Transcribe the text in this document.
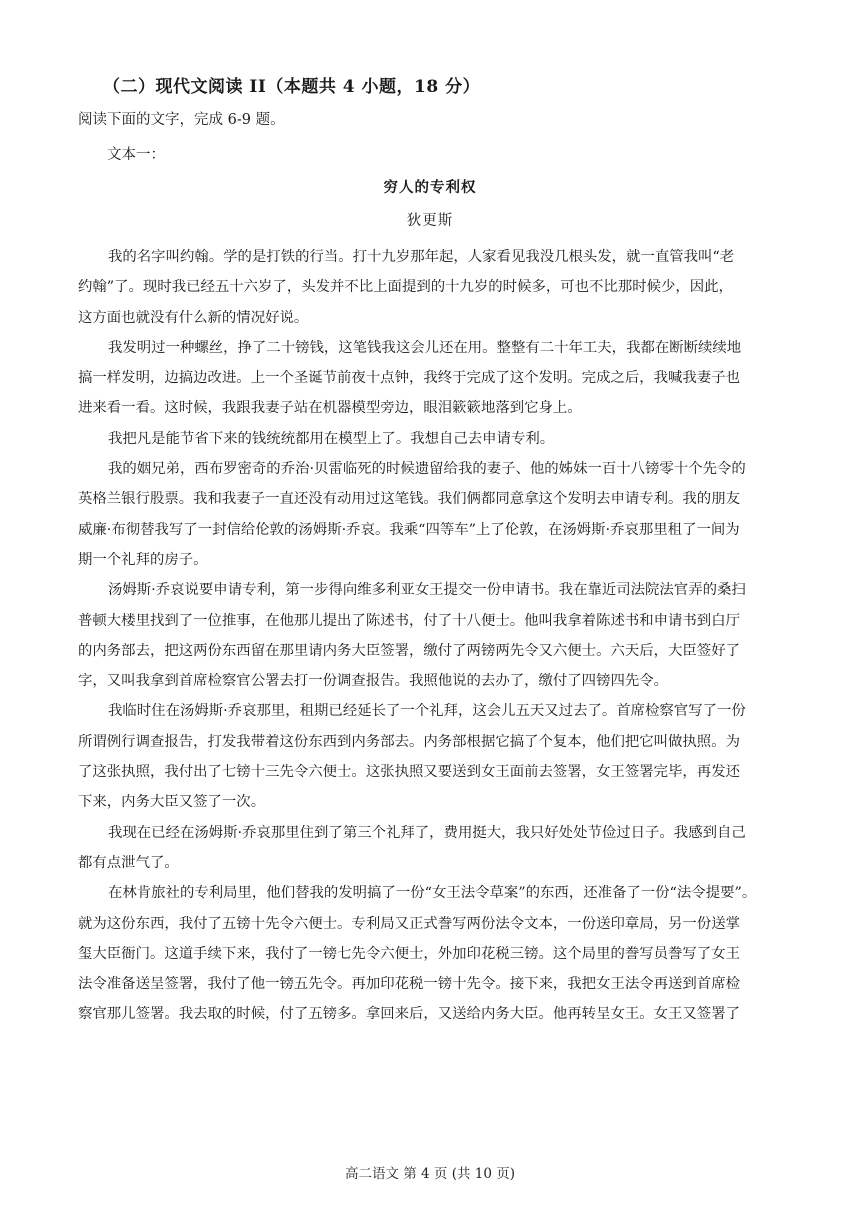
（二）现代文阅读 II（本题共 4 小题，18 分）
阅读下面的文字，完成 6-9 题。
文本一：
穷人的专利权
狄更斯
我的名字叫约翰。学的是打铁的行当。打十九岁那年起，人家看见我没几根头发，就一直管我叫“老
约翰”了。现时我已经五十六岁了，头发并不比上面提到的十九岁的时候多，可也不比那时候少，因此，
这方面也就没有什么新的情况好说。
我发明过一种螺丝，挣了二十镑钱，这笔钱我这会儿还在用。整整有二十年工夫，我都在断断续续地
搞一样发明，边搞边改进。上一个圣诞节前夜十点钟，我终于完成了这个发明。完成之后，我喊我妻子也
进来看一看。这时候，我跟我妻子站在机器模型旁边，眼泪簌簌地落到它身上。
我把凡是能节省下来的钱统统都用在模型上了。我想自己去申请专利。
我的姻兄弟，西布罗密奇的乔治·贝雷临死的时候遗留给我的妻子、他的姊妹一百十八镑零十个先令的
英格兰银行股票。我和我妻子一直还没有动用过这笔钱。我们俩都同意拿这个发明去申请专利。我的朋友
威廉·布彻替我写了一封信给伦敦的汤姆斯·乔哀。我乘“四等车”上了伦敦，在汤姆斯·乔哀那里租了一间为
期一个礼拜的房子。
汤姆斯·乔哀说要申请专利，第一步得向维多利亚女王提交一份申请书。我在靠近司法院法官弄的桑扫
普顿大楼里找到了一位推事，在他那儿提出了陈述书，付了十八便士。他叫我拿着陈述书和申请书到白厅
的内务部去，把这两份东西留在那里请内务大臣签署，缴付了两镑两先令又六便士。六天后，大臣签好了
字，又叫我拿到首席检察官公署去打一份调查报告。我照他说的去办了，缴付了四镑四先令。
我临时住在汤姆斯·乔哀那里，租期已经延长了一个礼拜，这会儿五天又过去了。首席检察官写了一份
所谓例行调查报告，打发我带着这份东西到内务部去。内务部根据它搞了个复本，他们把它叫做执照。为
了这张执照，我付出了七镑十三先令六便士。这张执照又要送到女王面前去签署，女王签署完毕，再发还
下来，内务大臣又签了一次。
我现在已经在汤姆斯·乔哀那里住到了第三个礼拜了，费用挺大，我只好处处节俭过日子。我感到自己
都有点泄气了。
在林肯旅社的专利局里，他们替我的发明搞了一份“女王法令草案”的东西，还准备了一份“法令提要”。
就为这份东西，我付了五镑十先令六便士。专利局又正式誊写两份法令文本，一份送印章局，另一份送掌
玺大臣衙门。这道手续下来，我付了一镑七先令六便士，外加印花税三镑。这个局里的誊写员誊写了女王
法令准备送呈签署，我付了他一镑五先令。再加印花税一镑十先令。接下来，我把女王法令再送到首席检
察官那儿签署。我去取的时候，付了五镑多。拿回来后，又送给内务大臣。他再转呈女王。女王又签署了
高二语文 第 4 页 (共 10 页)
